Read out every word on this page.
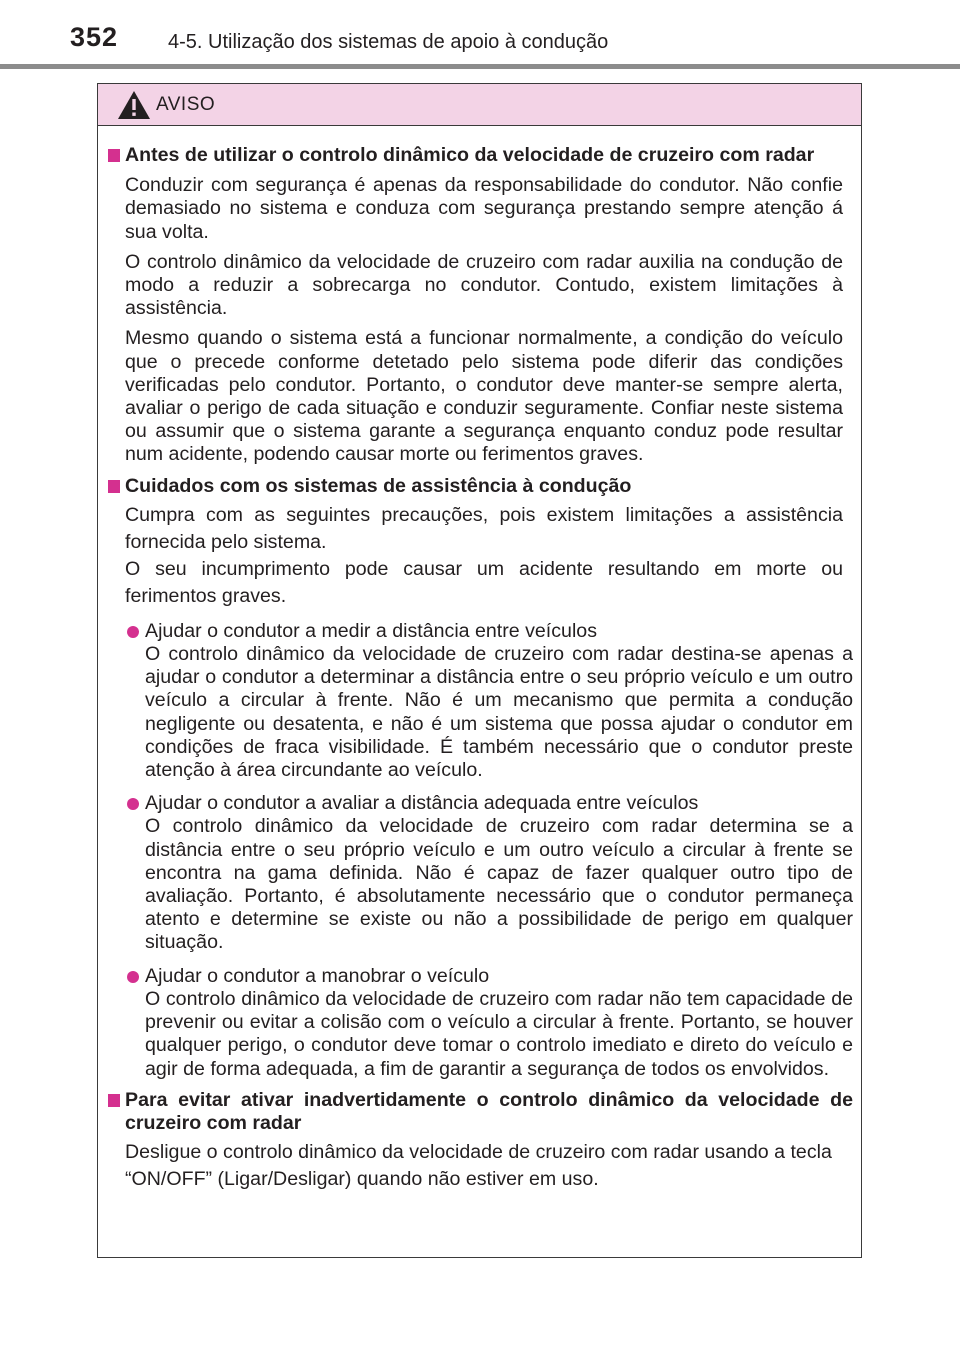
352 4-5. Utilização dos sistemas de apoio à condução
AVISO
Antes de utilizar o controlo dinâmico da velocidade de cruzeiro com radar

Conduzir com segurança é apenas da responsabilidade do condutor. Não confie demasiado no sistema e conduza com segurança prestando sempre atenção á sua volta.

O controlo dinâmico da velocidade de cruzeiro com radar auxilia na condução de modo a reduzir a sobrecarga no condutor. Contudo, existem limitações à assistência.

Mesmo quando o sistema está a funcionar normalmente, a condição do veículo que o precede conforme detetado pelo sistema pode diferir das condições verificadas pelo condutor. Portanto, o condutor deve manter-se sempre alerta, avaliar o perigo de cada situação e conduzir seguramente. Confiar neste sistema ou assumir que o sistema garante a segurança enquanto conduz pode resultar num acidente, podendo causar morte ou ferimentos graves.

Cuidados com os sistemas de assistência à condução

Cumpra com as seguintes precauções, pois existem limitações a assistência fornecida pelo sistema.

O seu incumprimento pode causar um acidente resultando em morte ou ferimentos graves.

Ajudar o condutor a medir a distância entre veículos
O controlo dinâmico da velocidade de cruzeiro com radar destina-se apenas a ajudar o condutor a determinar a distância entre o seu próprio veículo e um outro veículo a circular à frente. Não é um mecanismo que permita a condução negligente ou desatenta, e não é um sistema que possa ajudar o condutor em condições de fraca visibilidade. É também necessário que o condutor preste atenção à área circundante ao veículo.
Ajudar o condutor a avaliar a distância adequada entre veículos
O controlo dinâmico da velocidade de cruzeiro com radar determina se a distância entre o seu próprio veículo e um outro veículo a circular à frente se encontra na gama definida. Não é capaz de fazer qualquer outro tipo de avaliação. Portanto, é absolutamente necessário que o condutor permaneça atento e determine se existe ou não a possibilidade de perigo em qualquer situação.
Ajudar o condutor a manobrar o veículo
O controlo dinâmico da velocidade de cruzeiro com radar não tem capacidade de prevenir ou evitar a colisão com o veículo a circular à frente. Portanto, se houver qualquer perigo, o condutor deve tomar o controlo imediato e direto do veículo e agir de forma adequada, a fim de garantir a segurança de todos os envolvidos.
Para evitar ativar inadvertidamente o controlo dinâmico da velocidade de cruzeiro com radar

Desligue o controlo dinâmico da velocidade de cruzeiro com radar usando a tecla “ON/OFF” (Ligar/Desligar) quando não estiver em uso.
